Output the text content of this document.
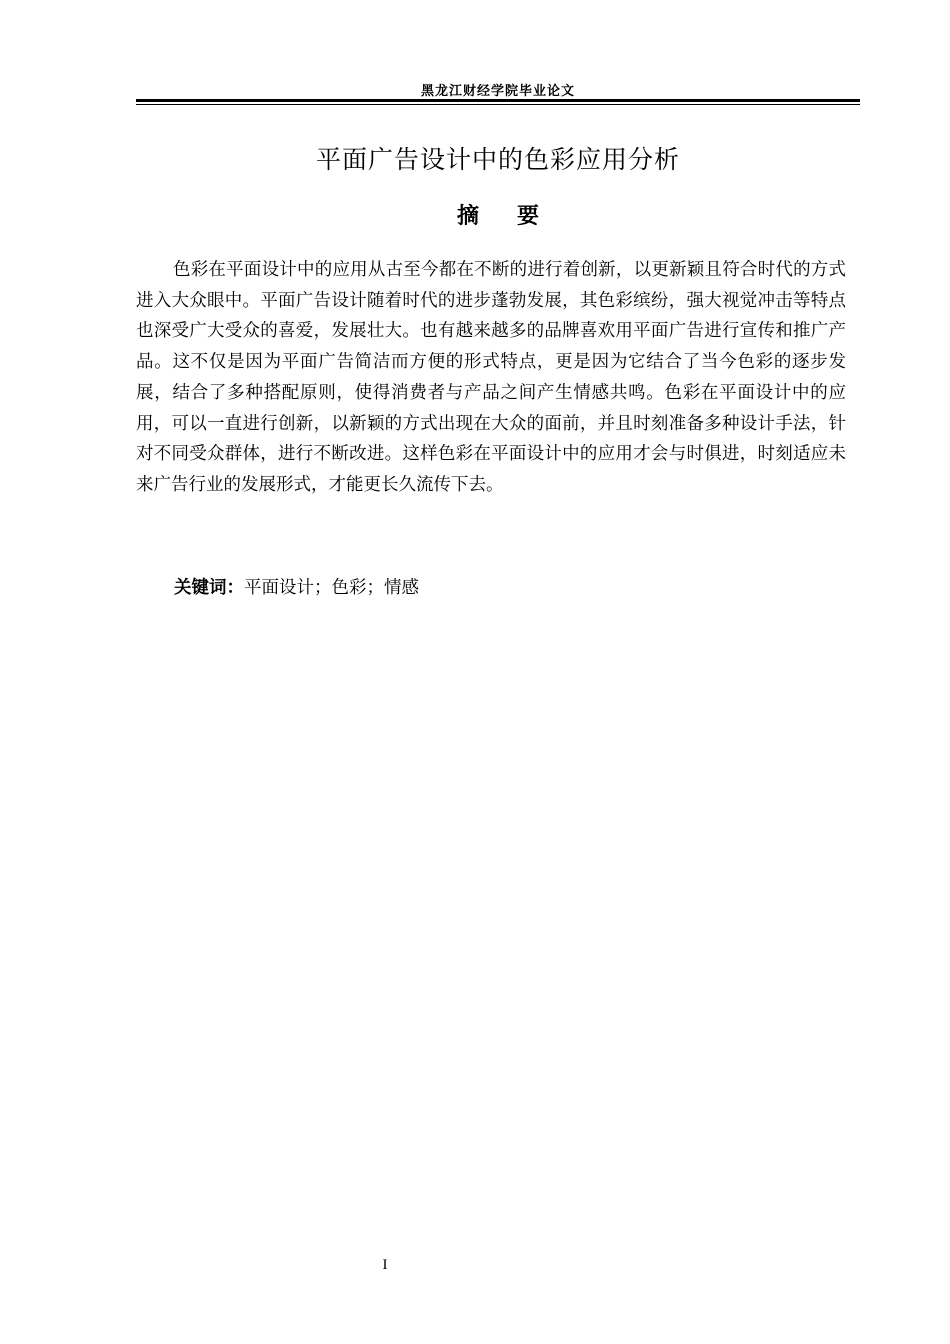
黑龙江财经学院毕业论文
平面广告设计中的色彩应用分析
摘要

色彩在平面设计中的应用从古至今都在不断的进行着创新，以更新颖且符合时代的方式进入大众眼中。平面广告设计随着时代的进步蓬勃发展，其色彩缤纷，强大视觉冲击等特点也深受广大受众的喜爱，发展壮大。也有越来越多的品牌喜欢用平面广告进行宣传和推广产品。这不仅是因为平面广告简洁而方便的形式特点，更是因为它结合了当今色彩的逐步发展，结合了多种搭配原则，使得消费者与产品之间产生情感共鸣。色彩在平面设计中的应用，可以一直进行创新，以新颖的方式出现在大众的面前，并且时刻准备多种设计手法，针对不同受众群体，进行不断改进。这样色彩在平面设计中的应用才会与时俱进，时刻适应未来广告行业的发展形式，才能更长久流传下去。

关键词：平面设计；色彩；情感
I
